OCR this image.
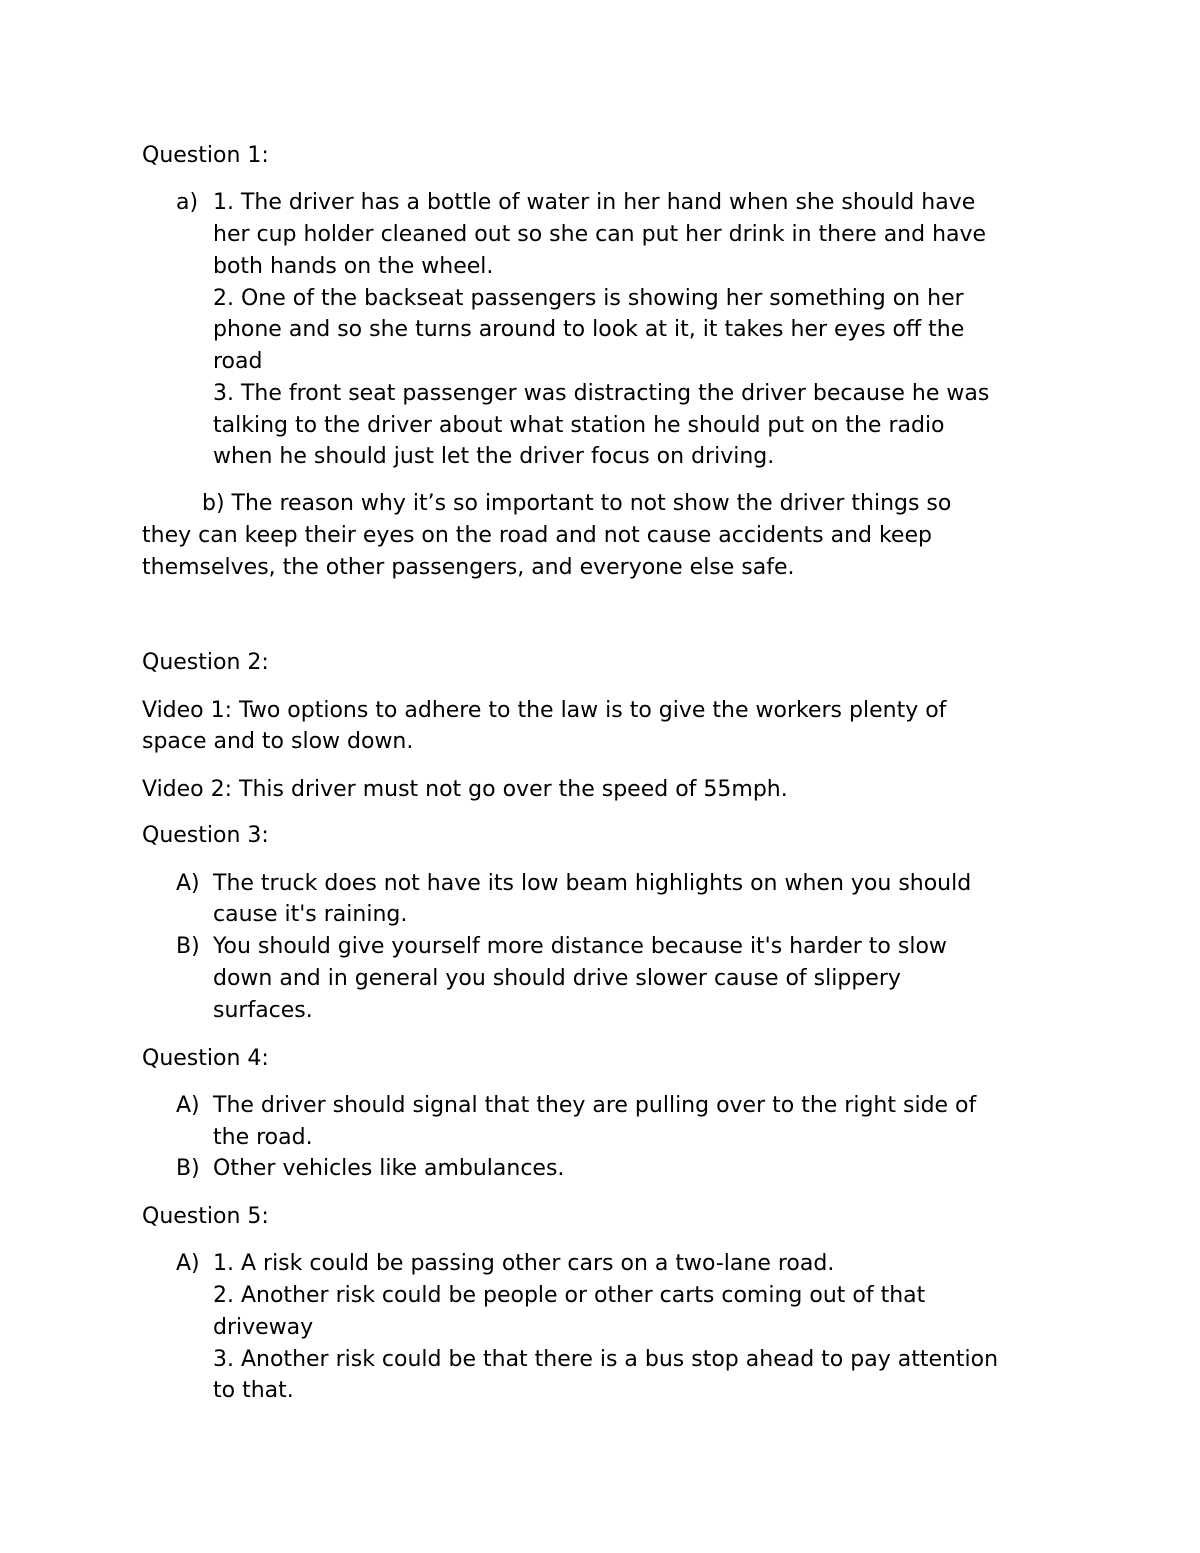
Question 1:
a) 1. The driver has a bottle of water in her hand when she should have
her cup holder cleaned out so she can put her drink in there and have
both hands on the wheel.
2. One of the backseat passengers is showing her something on her
phone and so she turns around to look at it, it takes her eyes off the
road
3. The front seat passenger was distracting the driver because he was
talking to the driver about what station he should put on the radio
when he should just let the driver focus on driving.
b) The reason why it’s so important to not show the driver things so
they can keep their eyes on the road and not cause accidents and keep
themselves, the other passengers, and everyone else safe.
Question 2:
Video 1: Two options to adhere to the law is to give the workers plenty of
space and to slow down.
Video 2: This driver must not go over the speed of 55mph.
Question 3:
A) The truck does not have its low beam highlights on when you should
cause it's raining.
B) You should give yourself more distance because it's harder to slow
down and in general you should drive slower cause of slippery
surfaces.
Question 4:
A) The driver should signal that they are pulling over to the right side of
the road.
B) Other vehicles like ambulances.
Question 5:
A) 1. A risk could be passing other cars on a two-lane road.
2. Another risk could be people or other carts coming out of that
driveway
3. Another risk could be that there is a bus stop ahead to pay attention
to that.
